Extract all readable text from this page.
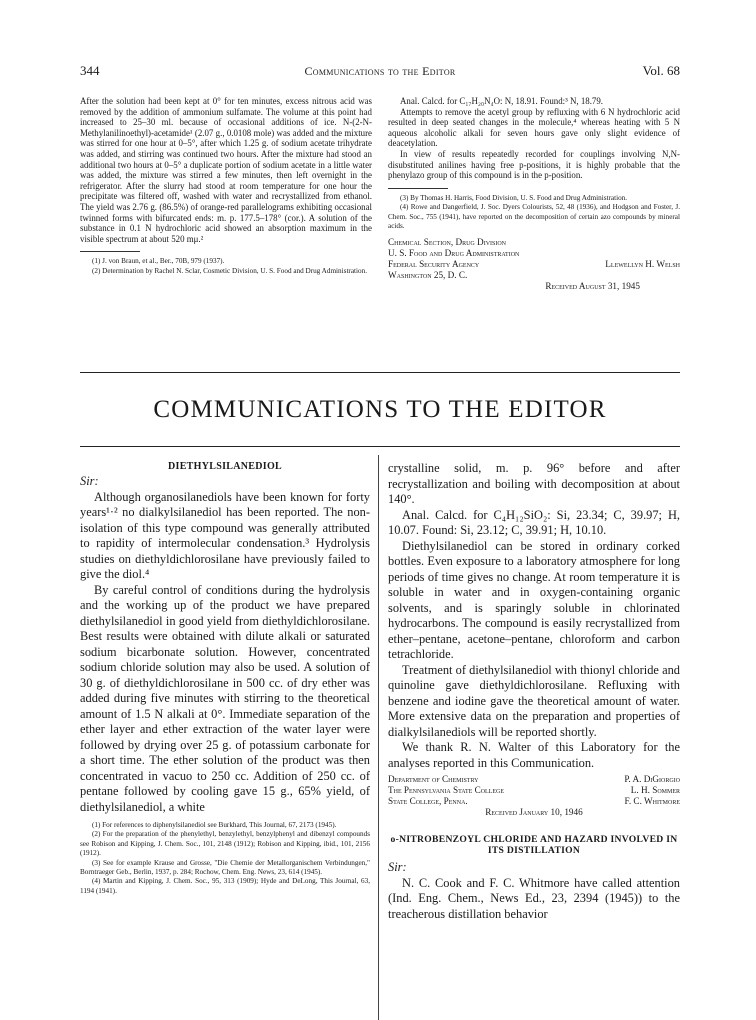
344	Communications to the Editor	Vol. 68

After the solution had been kept at 0° for ten minutes, excess nitrous acid was removed by the addition of ammonium sulfamate. The volume at this point had increased to 25–30 ml. because of occasional additions of ice. N-(2-N-Methylanilinoethyl)-acetamide¹ (2.07 g., 0.0108 mole) was added and the mixture was stirred for one hour at 0–5°, after which 1.25 g. of sodium acetate trihydrate was added, and stirring was continued two hours. After the mixture had stood an additional two hours at 0–5° a duplicate portion of sodium acetate in a little water was added, the mixture was stirred a few minutes, then left overnight in the refrigerator. After the slurry had stood at room temperature for one hour the precipitate was filtered off, washed with water and recrystallized from ethanol. The yield was 2.76 g. (86.5%) of orange-red parallelograms exhibiting occasional twinned forms with bifurcated ends: m. p. 177.5–178° (cor.). A solution of the substance in 0.1 N hydrochloric acid showed an absorption maximum in the visible spectrum at about 520 mμ.²

(1) J. von Braun, et al., Ber., 70B, 979 (1937).

(2) Determination by Rachel N. Sclar, Cosmetic Division, U. S. Food and Drug Administration.

Anal. Calcd. for C₁₇H₂₀N₄O: N, 18.91. Found:³ N, 18.79.

Attempts to remove the acetyl group by refluxing with 6 N hydrochloric acid resulted in deep seated changes in the molecule,⁴ whereas heating with 5 N aqueous alcoholic alkali for seven hours gave only slight evidence of deacetylation.

In view of results repeatedly recorded for couplings involving N,N-disubstituted anilines having free p-positions, it is highly probable that the phenylazo group of this compound is in the p-position.

(3) By Thomas H. Harris, Food Division, U. S. Food and Drug Administration.

(4) Rowe and Dangerfield, J. Soc. Dyers Colourists, 52, 48 (1936), and Hodgson and Foster, J. Chem. Soc., 755 (1941), have reported on the decomposition of certain azo compounds by mineral acids.

Chemical Section, Drug Division
U. S. Food and Drug Administration
Federal Security Agency	Llewellyn H. Welsh
Washington 25, D. C.
Received August 31, 1945
COMMUNICATIONS TO THE EDITOR
DIETHYLSILANEDIOL
Sir:

Although organosilanediols have been known for forty years¹·² no dialkylsilanediol has been reported. The non-isolation of this type compound was generally attributed to rapidity of intermolecular condensation.³ Hydrolysis studies on diethyldichlorosilane have previously failed to give the diol.⁴

By careful control of conditions during the hydrolysis and the working up of the product we have prepared diethylsilanediol in good yield from diethyldichlorosilane. Best results were obtained with dilute alkali or saturated sodium bicarbonate solution. However, concentrated sodium chloride solution may also be used. A solution of 30 g. of diethyldichlorosilane in 500 cc. of dry ether was added during five minutes with stirring to the theoretical amount of 1.5 N alkali at 0°. Immediate separation of the ether layer and ether extraction of the water layer were followed by drying over 25 g. of potassium carbonate for a short time. The ether solution of the product was then concentrated in vacuo to 250 cc. Addition of 250 cc. of pentane followed by cooling gave 15 g., 65% yield, of diethylsilanediol, a white

(1) For references to diphenylsilanediol see Burkhard, This Journal, 67, 2173 (1945).

(2) For the preparation of the phenylethyl, benzylethyl, benzylphenyl and dibenzyl compounds see Robison and Kipping, J. Chem. Soc., 101, 2148 (1912); Robison and Kipping, ibid., 101, 2156 (1912).

(3) See for example Krause and Grosse, "Die Chemie der Metallorganischem Verbindungen," Borntraeger Geb., Berlin, 1937, p. 284; Rochow, Chem. Eng. News, 23, 614 (1945).

(4) Martin and Kipping, J. Chem. Soc., 95, 313 (1909); Hyde and DeLong, This Journal, 63, 1194 (1941).

crystalline solid, m. p. 96° before and after recrystallization and boiling with decomposition at about 140°.

Anal. Calcd. for C₄H₁₂SiO₂: Si, 23.34; C, 39.97; H, 10.07. Found: Si, 23.12; C, 39.91; H, 10.10.

Diethylsilanediol can be stored in ordinary corked bottles. Even exposure to a laboratory atmosphere for long periods of time gives no change. At room temperature it is soluble in water and in oxygen-containing organic solvents, and is sparingly soluble in chlorinated hydrocarbons. The compound is easily recrystallized from ether–pentane, acetone–pentane, chloroform and carbon tetrachloride.

Treatment of diethylsilanediol with thionyl chloride and quinoline gave diethyldichlorosilane. Refluxing with benzene and iodine gave the theoretical amount of water. More extensive data on the preparation and properties of dialkylsilanediols will be reported shortly.

We thank R. N. Walter of this Laboratory for the analyses reported in this Communication.

Department of Chemistry	P. A. DiGiorgio
The Pennsylvania State College	L. H. Sommer
State College, Penna.	F. C. Whitmore
Received January 10, 1946
o-NITROBENZOYL CHLORIDE AND HAZARD INVOLVED IN ITS DISTILLATION
Sir:

N. C. Cook and F. C. Whitmore have called attention (Ind. Eng. Chem., News Ed., 23, 2394 (1945)) to the treacherous distillation behavior
